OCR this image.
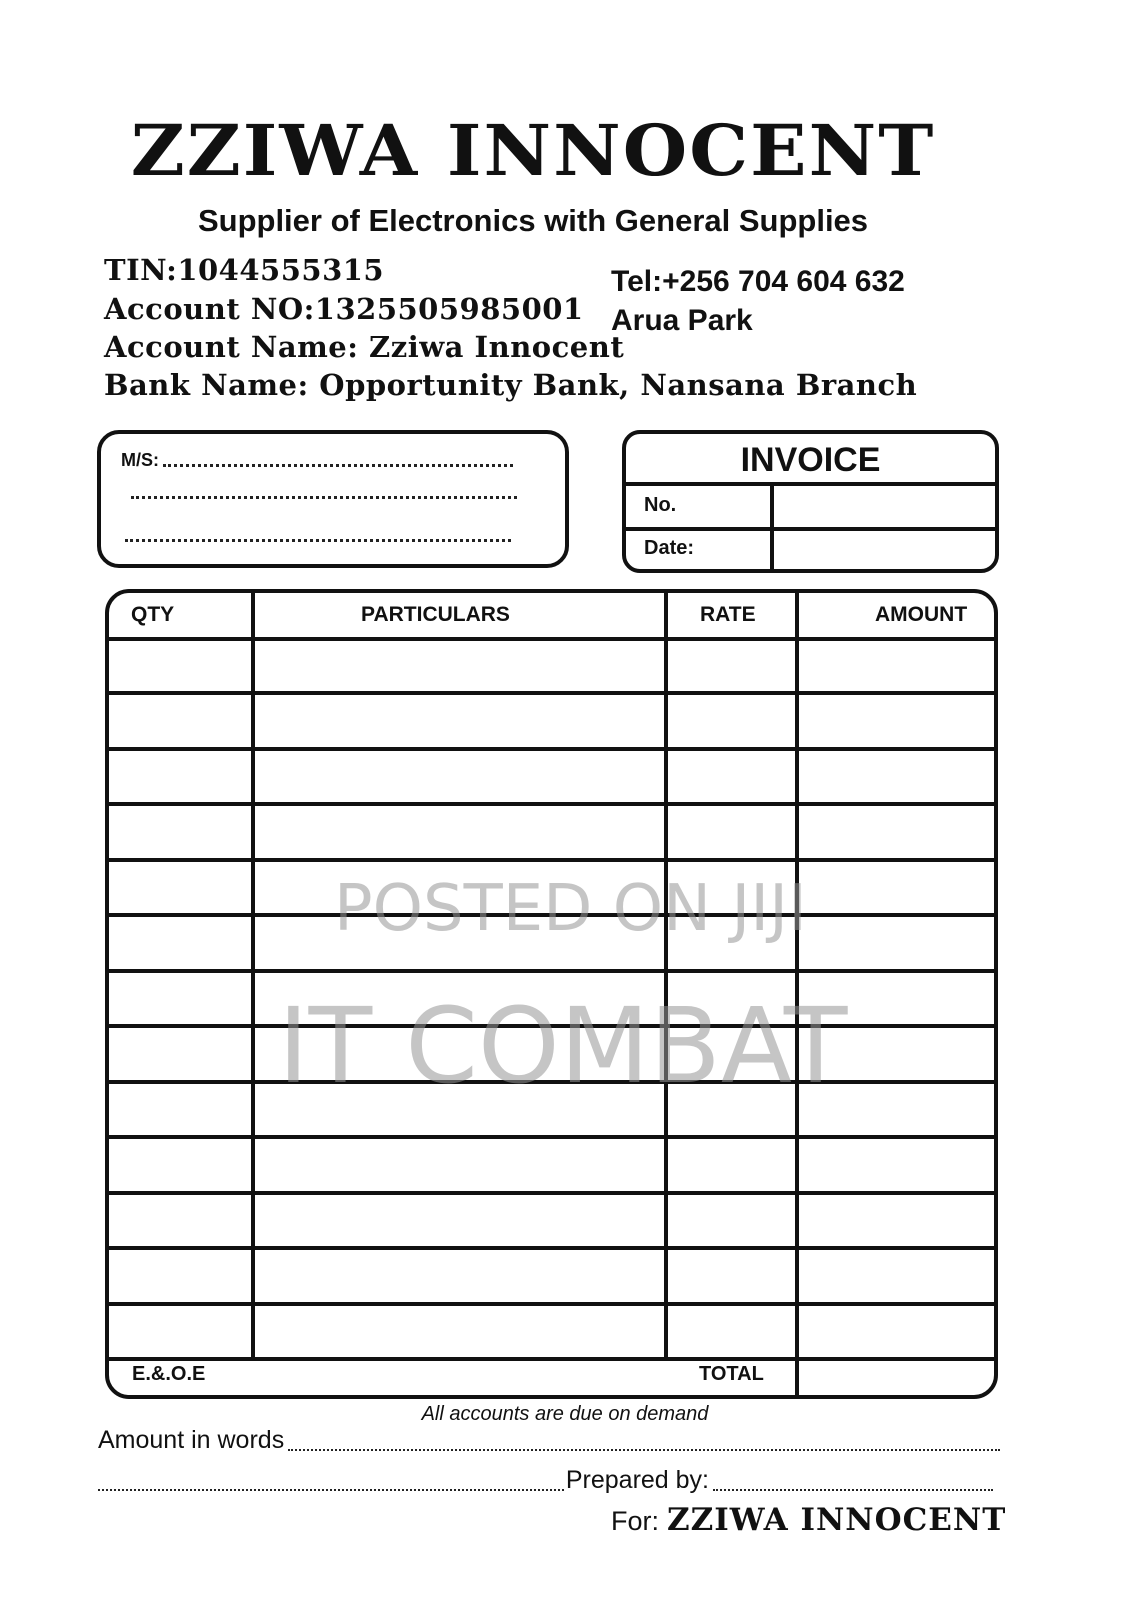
ZZIWA INNOCENT
Supplier of Electronics with General Supplies
TIN:1044555315
Account NO:1325505985001
Account Name: Zziwa Innocent
Bank Name: Opportunity Bank, Nansana Branch
Tel:+256 704 604 632
Arua Park
M/S:	INVOICE
No.
Date:
QTY	PARTICULARS	RATE	AMOUNT
E.&.O.E	TOTAL
POSTED ON JIJI
IT COMBAT
All accounts are due on demand
Amount in words
Prepared by:
For: ZZIWA INNOCENT
